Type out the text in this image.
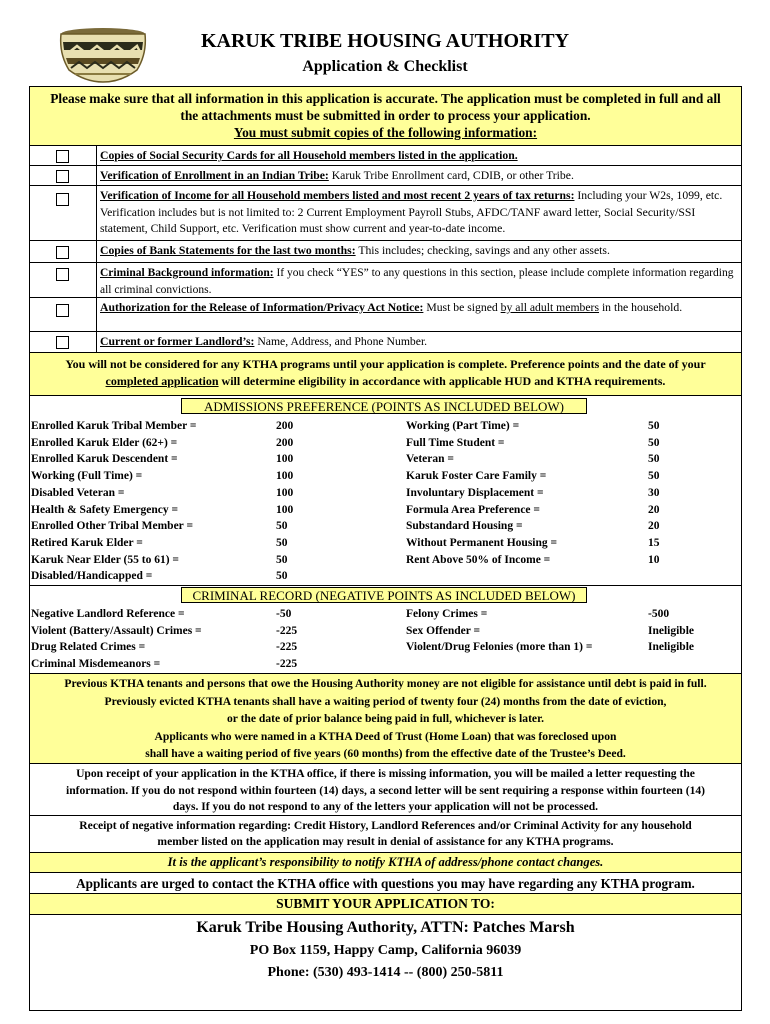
KARUK TRIBE HOUSING AUTHORITY
Application & Checklist
Please make sure that all information in this application is accurate. The application must be completed in full and all
the attachments must be submitted in order to process your application.
You must submit copies of the following information:
Copies of Social Security Cards for all Household members listed in the application.
Verification of Enrollment in an Indian Tribe: Karuk Tribe Enrollment card, CDIB, or other Tribe.
Verification of Income for all Household members listed and most recent 2 years of tax returns: Including your W2s, 1099, etc. Verification includes but is not limited to: 2 Current Employment Payroll Stubs, AFDC/TANF award letter, Social Security/SSI statement, Child Support, etc. Verification must show current and year-to-date income.
Copies of Bank Statements for the last two months: This includes; checking, savings and any other assets.
Criminal Background information: If you check “YES” to any questions in this section, please include complete information regarding all criminal convictions.
Authorization for the Release of Information/Privacy Act Notice: Must be signed by all adult members in the household.
Current or former Landlord’s: Name, Address, and Phone Number.
You will not be considered for any KTHA programs until your application is complete. Preference points and the date of your
completed application will determine eligibility in accordance with applicable HUD and KTHA requirements.
ADMISSIONS PREFERENCE (POINTS AS INCLUDED BELOW)
Enrolled Karuk Tribal Member =
Enrolled Karuk Elder (62+) =
Enrolled Karuk Descendent =
Working (Full Time) =
Disabled Veteran =
Health & Safety Emergency =
Enrolled Other Tribal Member =
Retired Karuk Elder =
Karuk Near Elder (55 to 61) =
Disabled/Handicapped =
200
200
100
100
100
100
50
50
50
50
Working (Part Time) =
Full Time Student =
Veteran =
Karuk Foster Care Family =
Involuntary Displacement =
Formula Area Preference =
Substandard Housing =
Without Permanent Housing =
Rent Above 50% of Income =
50
50
50
50
30
20
20
15
10
CRIMINAL RECORD (NEGATIVE POINTS AS INCLUDED BELOW)
Negative Landlord Reference =
Violent (Battery/Assault) Crimes =
Drug Related Crimes =
Criminal Misdemeanors =
-50
-225
-225
-225
Felony Crimes =
Sex Offender =
Violent/Drug Felonies (more than 1) =
-500
Ineligible
Ineligible
Previous KTHA tenants and persons that owe the Housing Authority money are not eligible for assistance until debt is paid in full.
Previously evicted KTHA tenants shall have a waiting period of twenty four (24) months from the date of eviction,
or the date of prior balance being paid in full, whichever is later.
Applicants who were named in a KTHA Deed of Trust (Home Loan) that was foreclosed upon
shall have a waiting period of five years (60 months) from the effective date of the Trustee’s Deed.
Upon receipt of your application in the KTHA office, if there is missing information, you will be mailed a letter requesting the
information. If you do not respond within fourteen (14) days, a second letter will be sent requiring a response within fourteen (14)
days. If you do not respond to any of the letters your application will not be processed.
Receipt of negative information regarding: Credit History, Landlord References and/or Criminal Activity for any household
member listed on the application may result in denial of assistance for any KTHA programs.
It is the applicant’s responsibility to notify KTHA of address/phone contact changes.
Applicants are urged to contact the KTHA office with questions you may have regarding any KTHA program.
SUBMIT YOUR APPLICATION TO:
Karuk Tribe Housing Authority, ATTN: Patches Marsh
PO Box 1159, Happy Camp, California 96039
Phone: (530) 493-1414 -- (800) 250-5811
